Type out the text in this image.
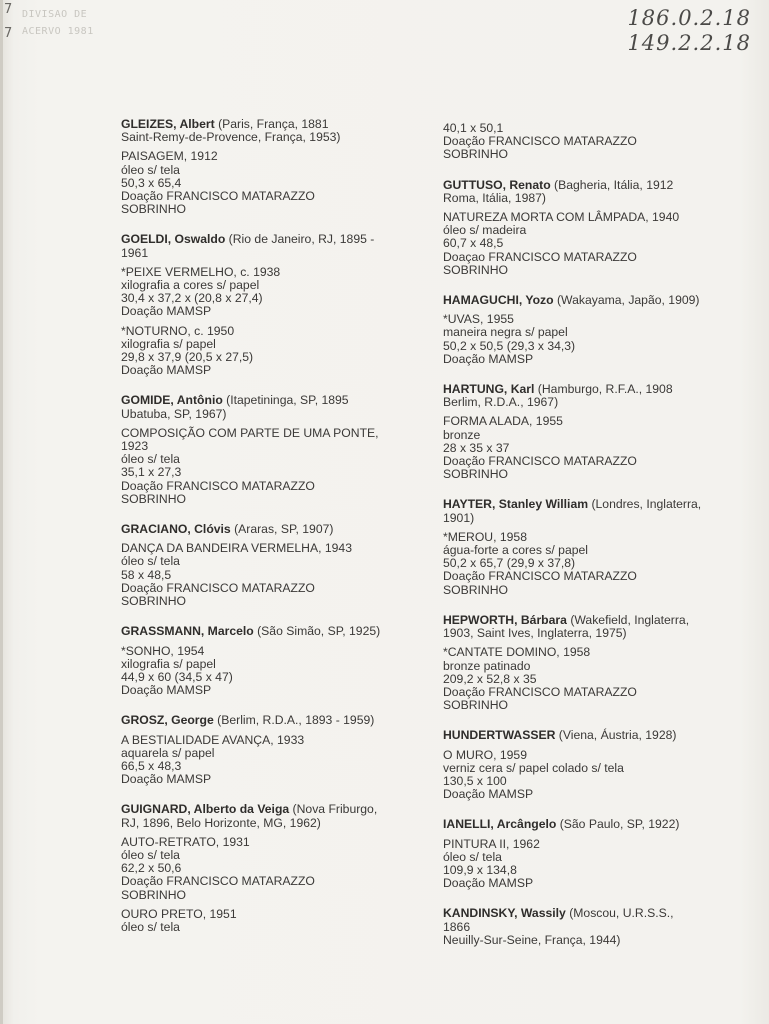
7
7
DIVISAO DE
ACERVO 1981
186.0.2.18
149.2.2.18
GLEIZES, Albert (Paris, França, 1881
Saint-Remy-de-Provence, França, 1953)
PAISAGEM, 1912
óleo s/ tela
50,3 x 65,4
Doação FRANCISCO MATARAZZO
SOBRINHO
GOELDI, Oswaldo (Rio de Janeiro, RJ, 1895 -
1961
*PEIXE VERMELHO, c. 1938
xilografia a cores s/ papel
30,4 x 37,2 x (20,8 x 27,4)
Doação MAMSP
*NOTURNO, c. 1950
xilografia s/ papel
29,8 x 37,9 (20,5 x 27,5)
Doação MAMSP
GOMIDE, Antônio (Itapetininga, SP, 1895
Ubatuba, SP, 1967)
COMPOSIÇÃO COM PARTE DE UMA PONTE,
1923
óleo s/ tela
35,1 x 27,3
Doação FRANCISCO MATARAZZO
SOBRINHO
GRACIANO, Clóvis (Araras, SP, 1907)
DANÇA DA BANDEIRA VERMELHA, 1943
óleo s/ tela
58 x 48,5
Doação FRANCISCO MATARAZZO
SOBRINHO
GRASSMANN, Marcelo (São Simão, SP, 1925)
*SONHO, 1954
xilografia s/ papel
44,9 x 60 (34,5 x 47)
Doação MAMSP
GROSZ, George (Berlim, R.D.A., 1893 - 1959)
A BESTIALIDADE AVANÇA, 1933
aquarela s/ papel
66,5 x 48,3
Doação MAMSP
GUIGNARD, Alberto da Veiga (Nova Friburgo,
RJ, 1896, Belo Horizonte, MG, 1962)
AUTO-RETRATO, 1931
óleo s/ tela
62,2 x 50,6
Doação FRANCISCO MATARAZZO
SOBRINHO
OURO PRETO, 1951
óleo s/ tela
40,1 x 50,1
Doação FRANCISCO MATARAZZO
SOBRINHO
GUTTUSO, Renato (Bagheria, Itália, 1912
Roma, Itália, 1987)
NATUREZA MORTA COM LÂMPADA, 1940
óleo s/ madeira
60,7 x 48,5
Doaçao FRANCISCO MATARAZZO
SOBRINHO
HAMAGUCHI, Yozo (Wakayama, Japão, 1909)
*UVAS, 1955
maneira negra s/ papel
50,2 x 50,5 (29,3 x 34,3)
Doação MAMSP
HARTUNG, Karl (Hamburgo, R.F.A., 1908
Berlim, R.D.A., 1967)
FORMA ALADA, 1955
bronze
28 x 35 x 37
Doação FRANCISCO MATARAZZO
SOBRINHO
HAYTER, Stanley William (Londres, Inglaterra,
1901)
*MEROU, 1958
água-forte a cores s/ papel
50,2 x 65,7 (29,9 x 37,8)
Doação FRANCISCO MATARAZZO
SOBRINHO
HEPWORTH, Bárbara (Wakefield, Inglaterra,
1903, Saint Ives, Inglaterra, 1975)
*CANTATE DOMINO, 1958
bronze patinado
209,2 x 52,8 x 35
Doação FRANCISCO MATARAZZO
SOBRINHO
HUNDERTWASSER (Viena, Áustria, 1928)
O MURO, 1959
verniz cera s/ papel colado s/ tela
130,5 x 100
Doação MAMSP
IANELLI, Arcângelo (São Paulo, SP, 1922)
PINTURA II, 1962
óleo s/ tela
109,9 x 134,8
Doação MAMSP
KANDINSKY, Wassily (Moscou, U.R.S.S.,
1866
Neuilly-Sur-Seine, França, 1944)
